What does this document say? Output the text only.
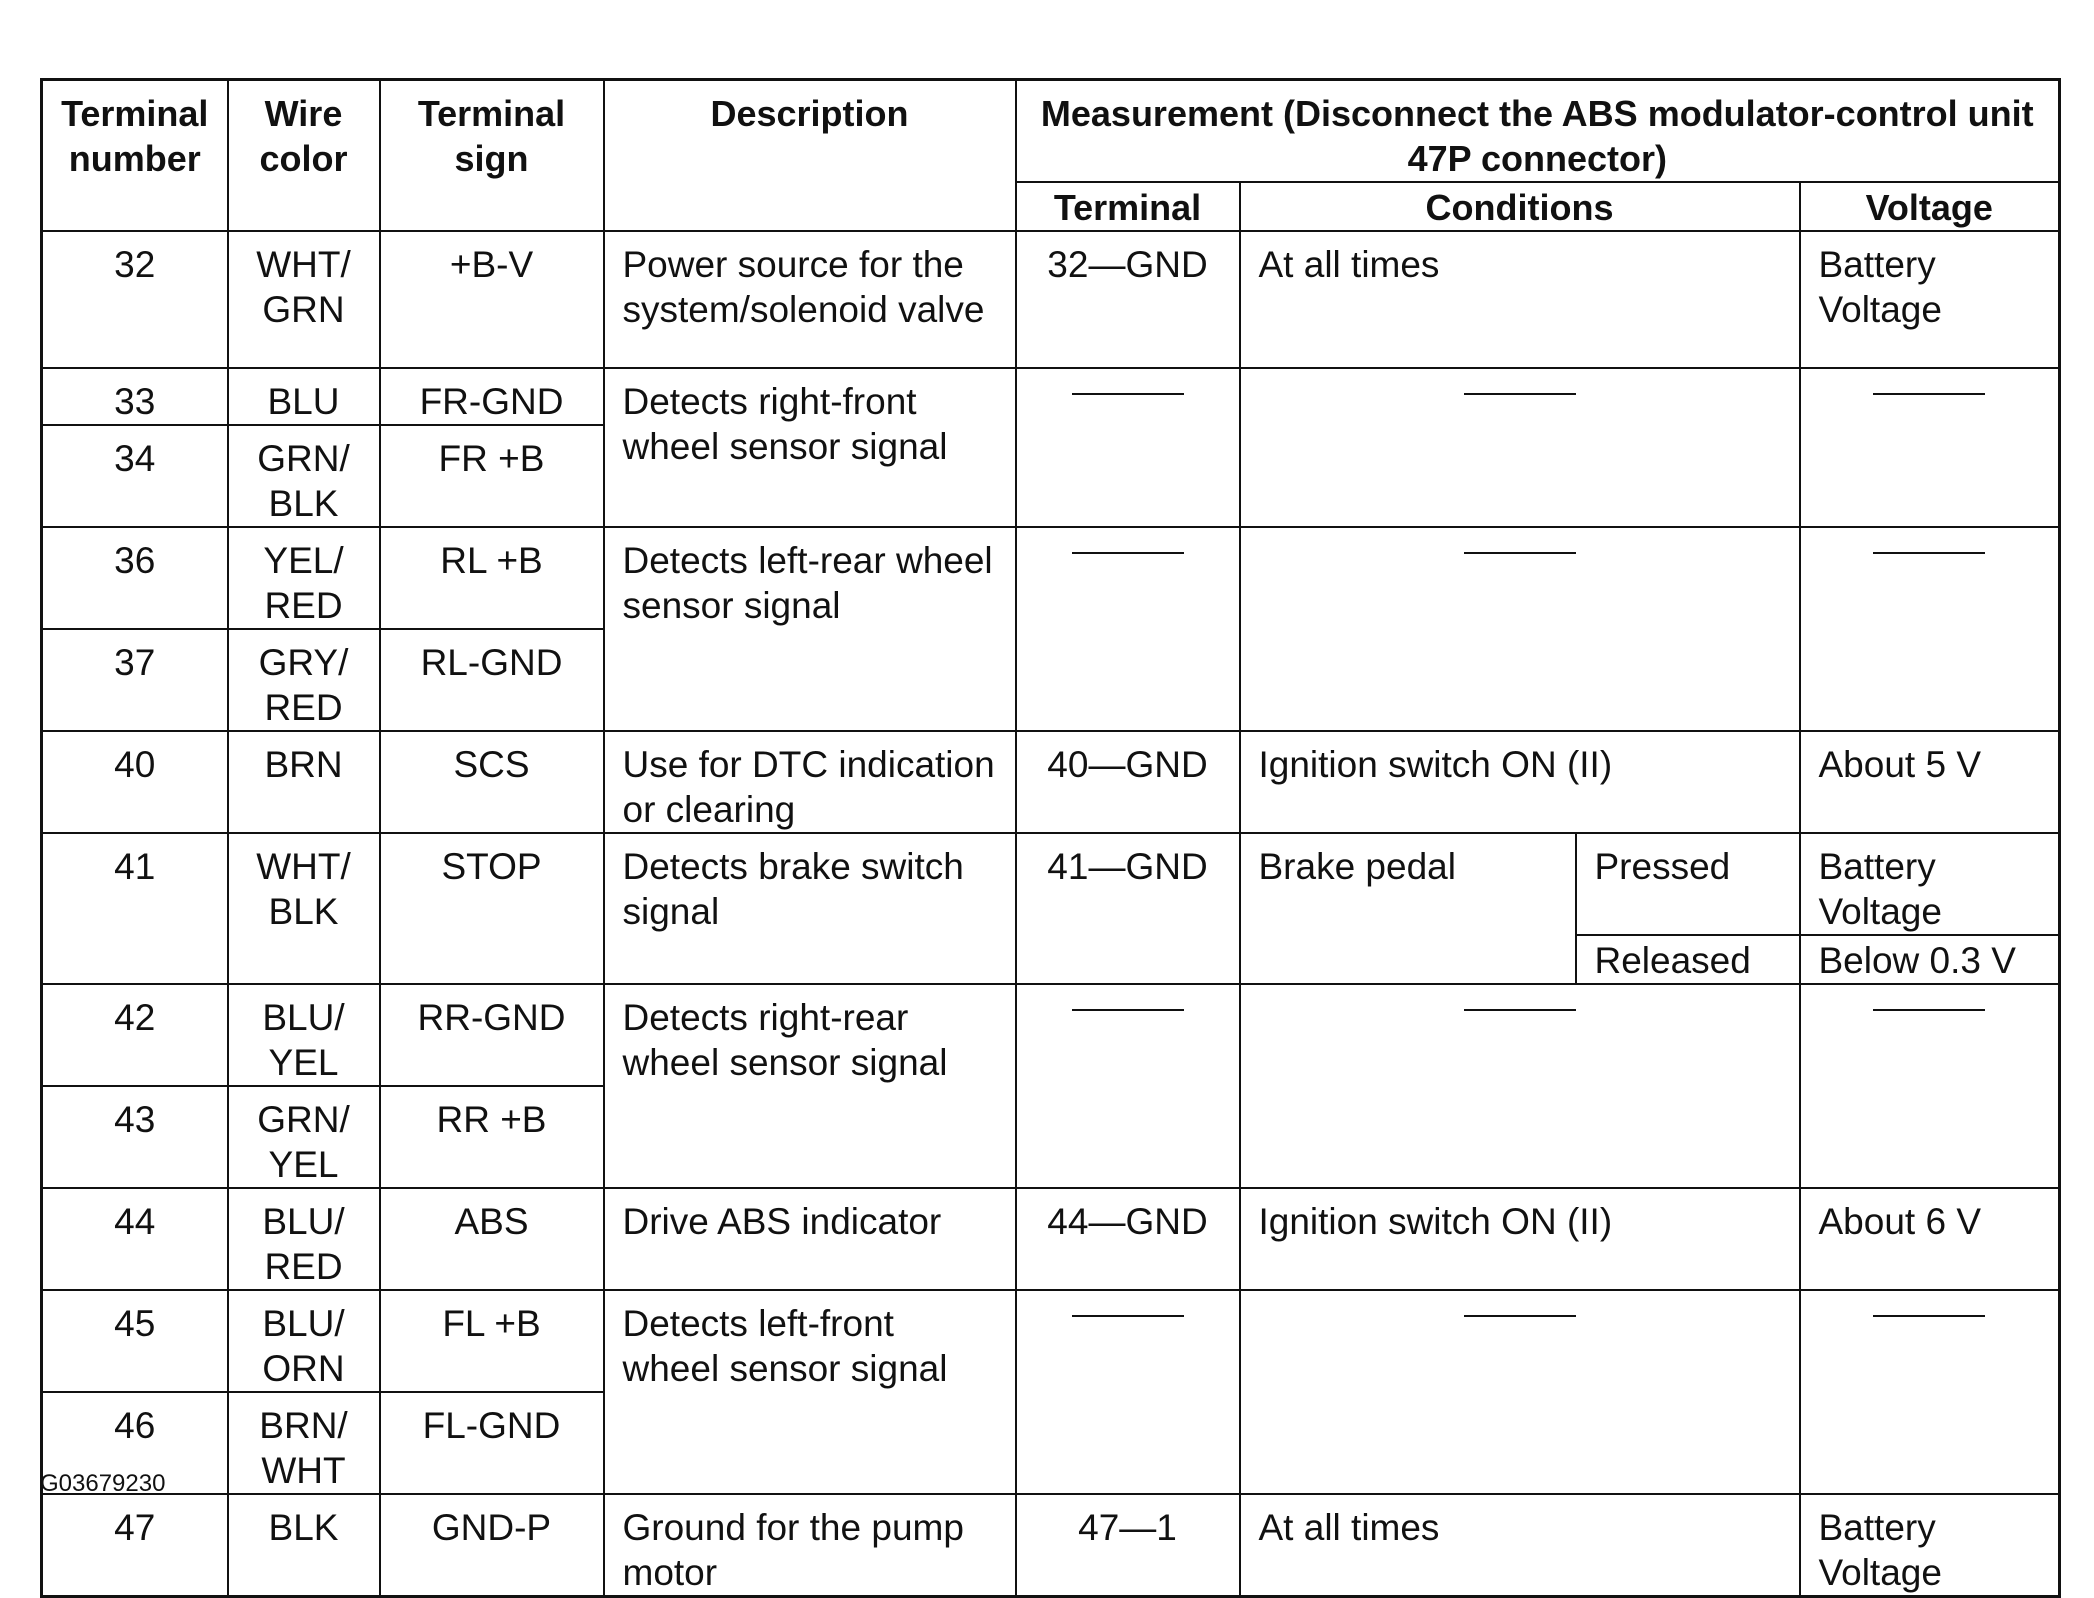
Terminal number	Wire color	Terminal sign	Description	Measurement (Disconnect the ABS modulator-control unit 47P connector)			
				Terminal	Conditions		Voltage
32	WHT/ GRN	+B-V	Power source for the system/solenoid valve	32—GND	At all times		Battery Voltage
33	BLU	FR-GND	Detects right-front wheel sensor signal		

34	GRN/ BLK	FR +B					
36	YEL/ RED	RL +B	Detects left-rear wheel sensor signal		

37	GRY/ RED	RL-GND					
40	BRN	SCS	Use for DTC indication or clearing	40—GND	Ignition switch ON (II)		About 5 V
41	WHT/ BLK	STOP	Detects brake switch signal	41—GND	Brake pedal	Pressed	Battery Voltage
						Released	Below 0.3 V
42	BLU/ YEL	RR-GND	Detects right-rear wheel sensor signal		

43	GRN/ YEL	RR +B					
44	BLU/ RED	ABS	Drive ABS indicator	44—GND	Ignition switch ON (II)		About 6 V
45	BLU/ ORN	FL +B	Detects left-front wheel sensor signal		

46	BRN/ WHT	FL-GND					
47	BLK	GND-P	Ground for the pump motor	47—1	At all times		Battery Voltage
G03679230
